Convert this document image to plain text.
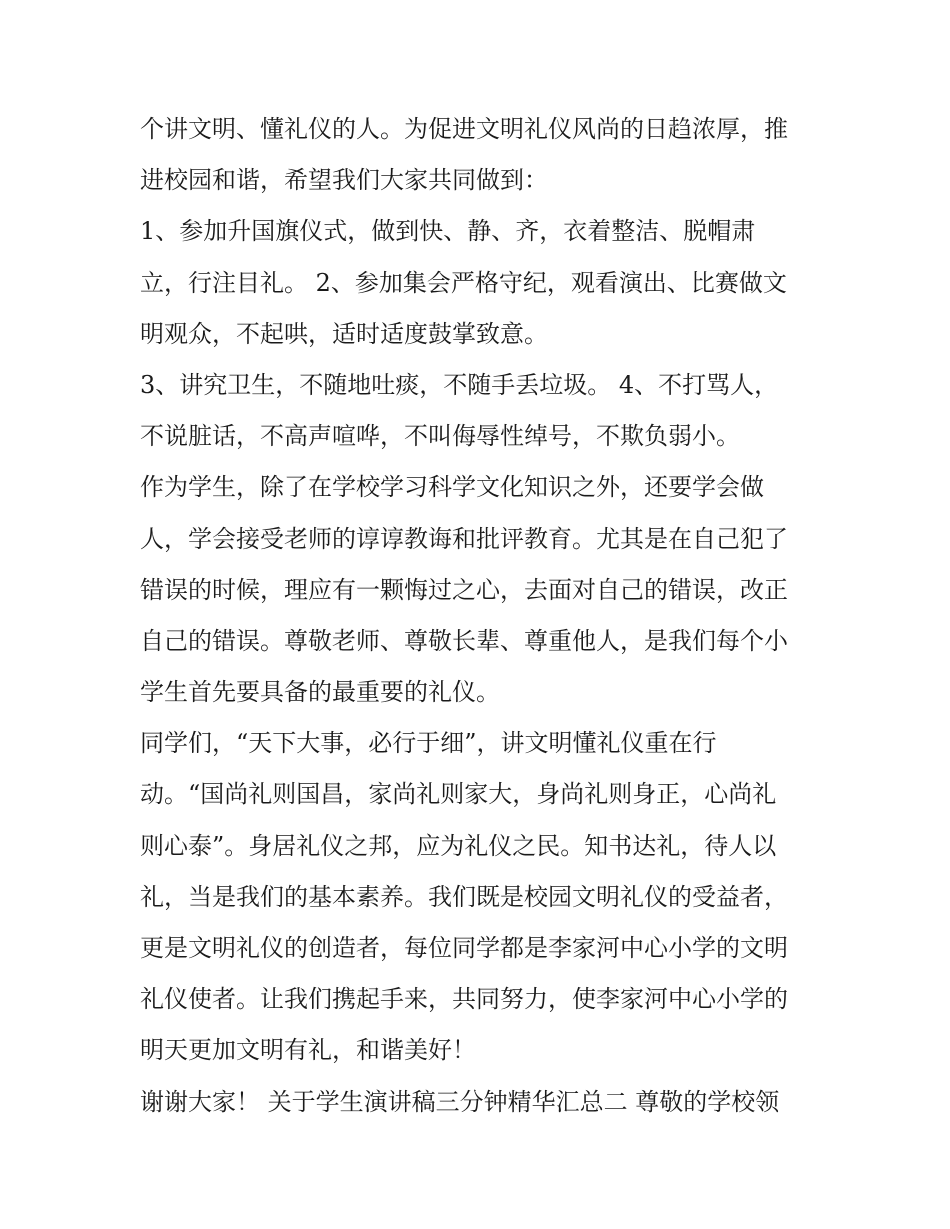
个讲文明、懂礼仪的人。为促进文明礼仪风尚的日趋浓厚，推
进校园和谐，希望我们大家共同做到：
1、参加升国旗仪式，做到快、静、齐，衣着整洁、脱帽肃
立，行注目礼。 2、参加集会严格守纪，观看演出、比赛做文
明观众，不起哄，适时适度鼓掌致意。
3、讲究卫生，不随地吐痰，不随手丢垃圾。 4、不打骂人，
不说脏话，不高声喧哗，不叫侮辱性绰号，不欺负弱小。
作为学生，除了在学校学习科学文化知识之外，还要学会做
人，学会接受老师的谆谆教诲和批评教育。尤其是在自己犯了
错误的时候，理应有一颗悔过之心，去面对自己的错误，改正
自己的错误。尊敬老师、尊敬长辈、尊重他人，是我们每个小
学生首先要具备的最重要的礼仪。
同学们，“天下大事，必行于细”，讲文明懂礼仪重在行
动。“国尚礼则国昌，家尚礼则家大，身尚礼则身正，心尚礼
则心泰”。身居礼仪之邦，应为礼仪之民。知书达礼，待人以
礼，当是我们的基本素养。我们既是校园文明礼仪的受益者，
更是文明礼仪的创造者，每位同学都是李家河中心小学的文明
礼仪使者。让我们携起手来，共同努力，使李家河中心小学的
明天更加文明有礼，和谐美好！
谢谢大家！ 关于学生演讲稿三分钟精华汇总二 尊敬的学校领
